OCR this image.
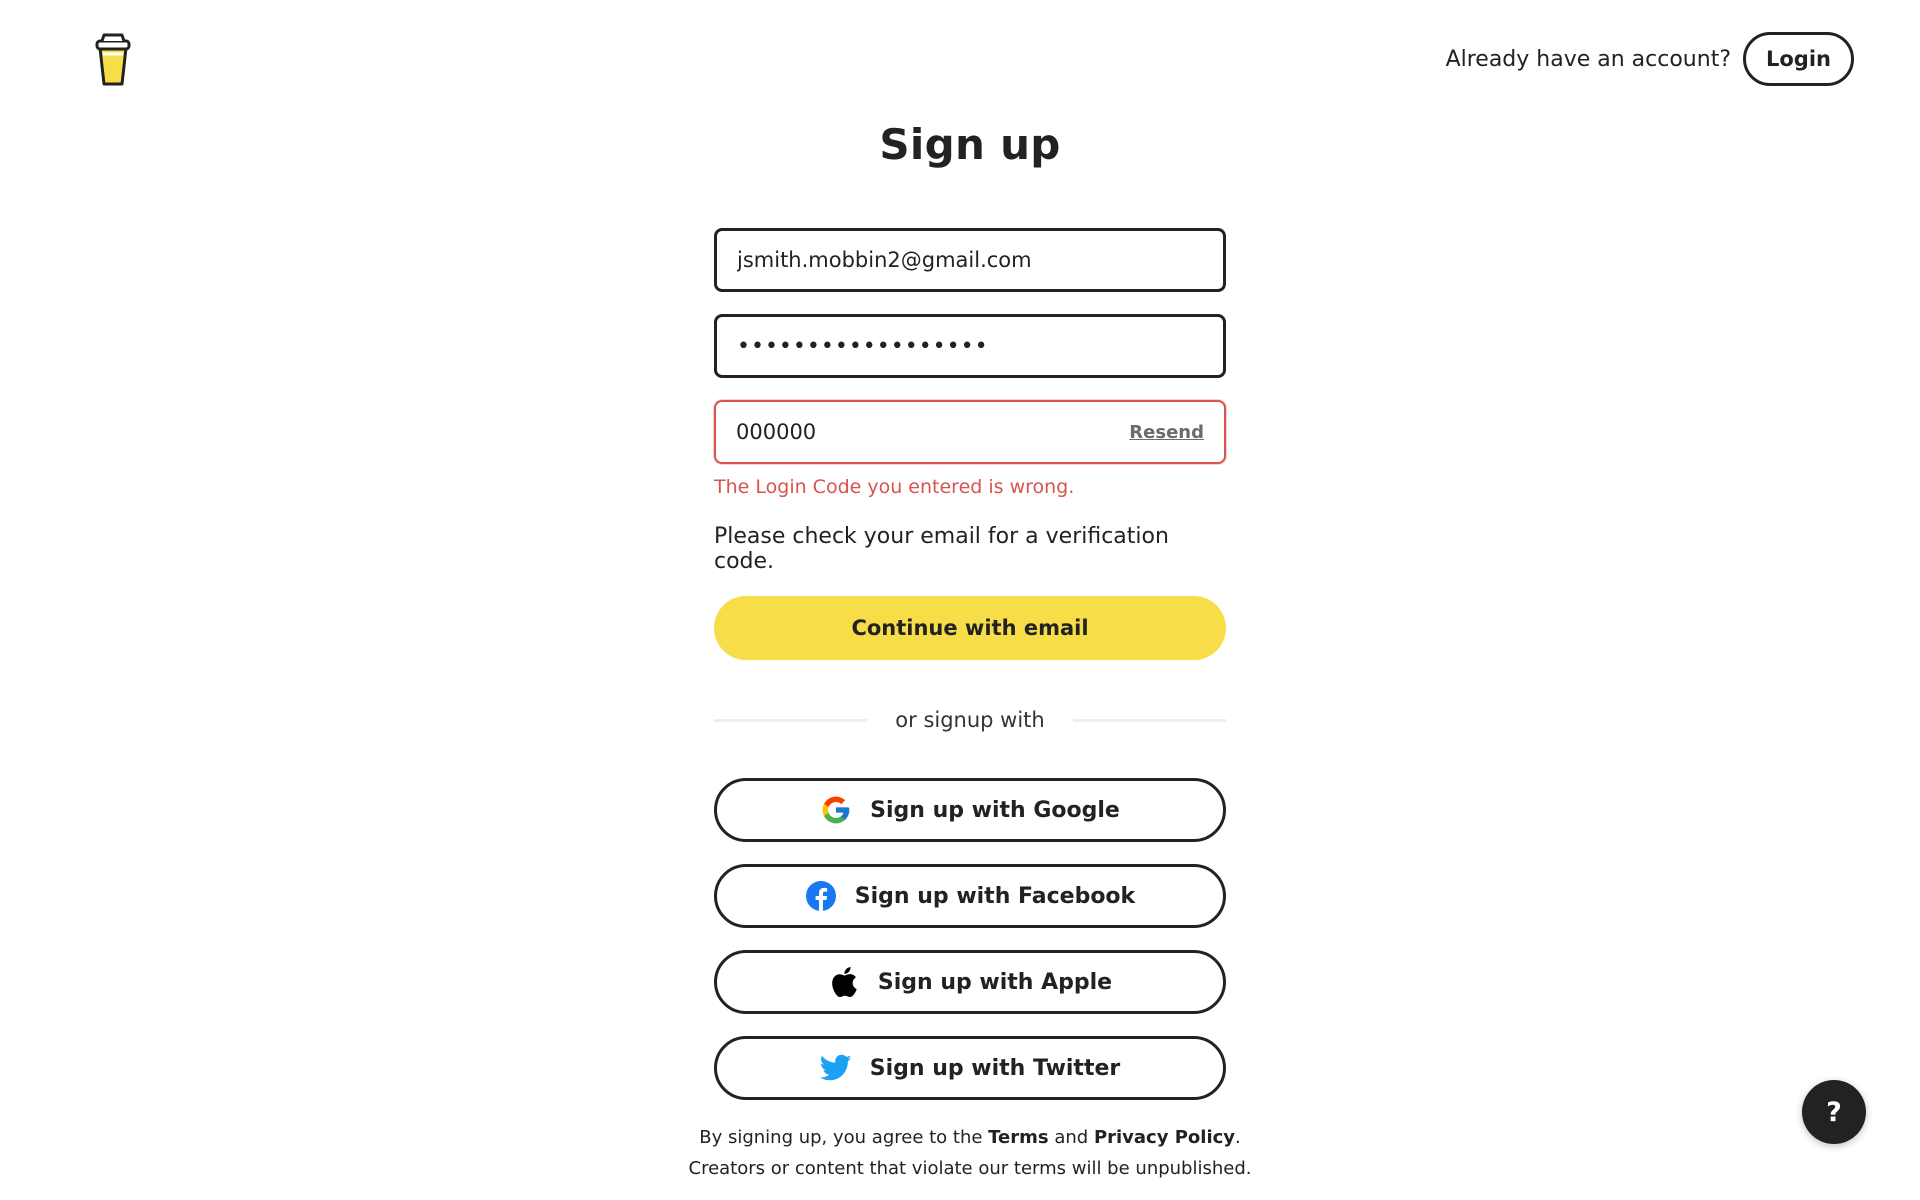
Already have an account?	Login
Sign up
jsmith.mobbin2@gmail.com
••••••••••••••••••
000000
Resend
The Login Code you entered is wrong.
Please check your email for a verification code.
Continue with email
or signup with
Sign up with Google
Sign up with Facebook
Sign up with Apple
Sign up with Twitter
By signing up, you agree to the Terms and Privacy Policy.
Creators or content that violate our terms will be unpublished.
?
